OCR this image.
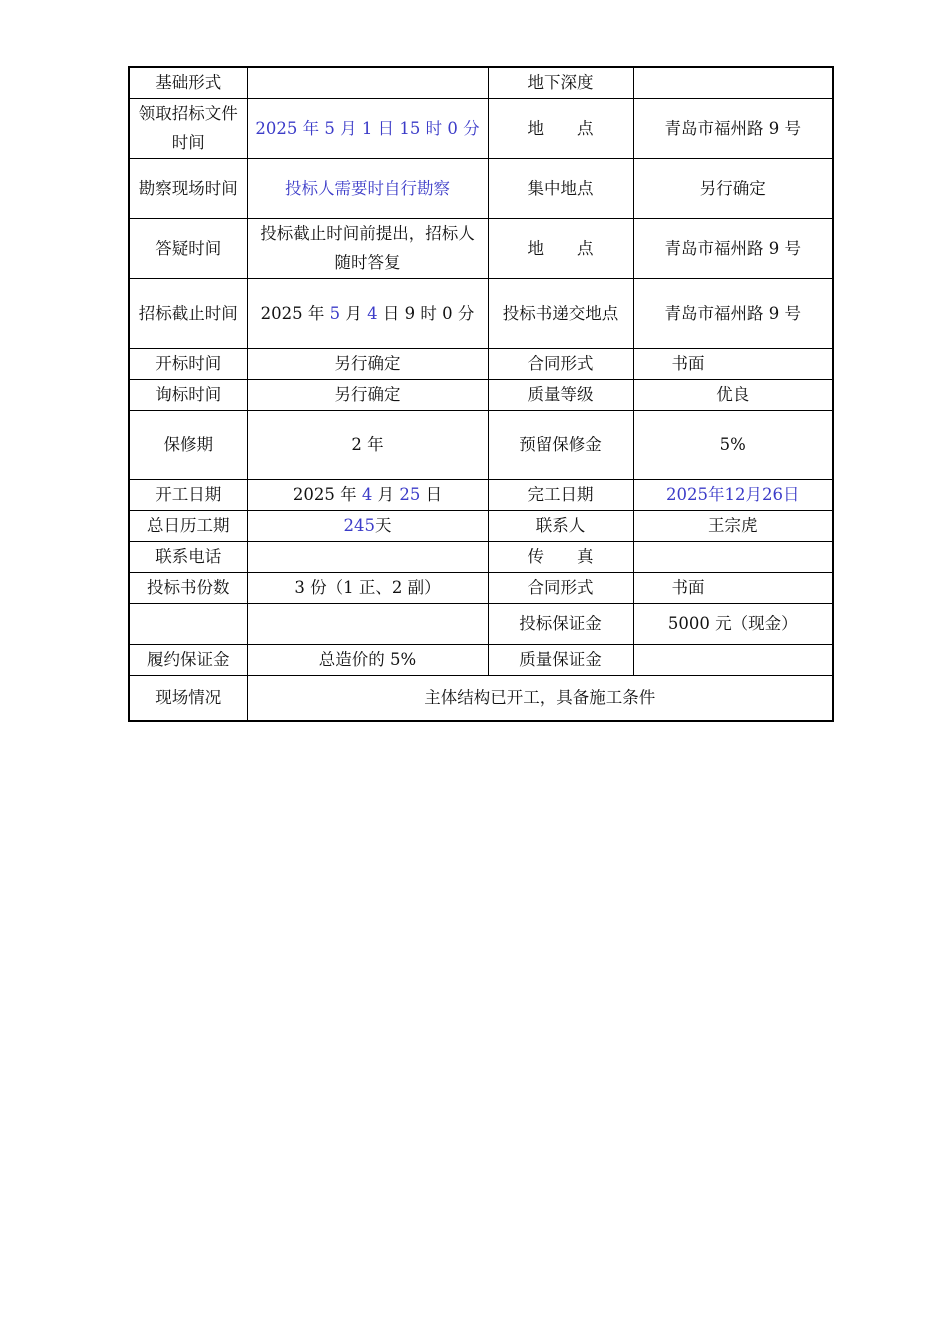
基础形式		地下深度	
领取招标文件时间	2025 年 5 月 1 日 15 时 0 分	地　　点	青岛市福州路 9 号
勘察现场时间	投标人需要时自行勘察	集中地点	另行确定
答疑时间	投标截止时间前提出，招标人随时答复	地　　点	青岛市福州路 9 号
招标截止时间	2025 年 5 月 4 日 9 时 0 分	投标书递交地点	青岛市福州路 9 号
开标时间	另行确定	合同形式	书面
询标时间	另行确定	质量等级	优良
保修期	2 年	预留保修金	5%
开工日期	2025 年 4 月 25 日	完工日期	2025年12月26日
总日历工期	245天	联系人	王宗虎
联系电话		传　　真	
投标书份数	3 份（1 正、2 副）	合同形式	书面
		投标保证金	5000 元（现金）
履约保证金	总造价的 5%	质量保证金	
现场情况	主体结构已开工，具备施工条件		
